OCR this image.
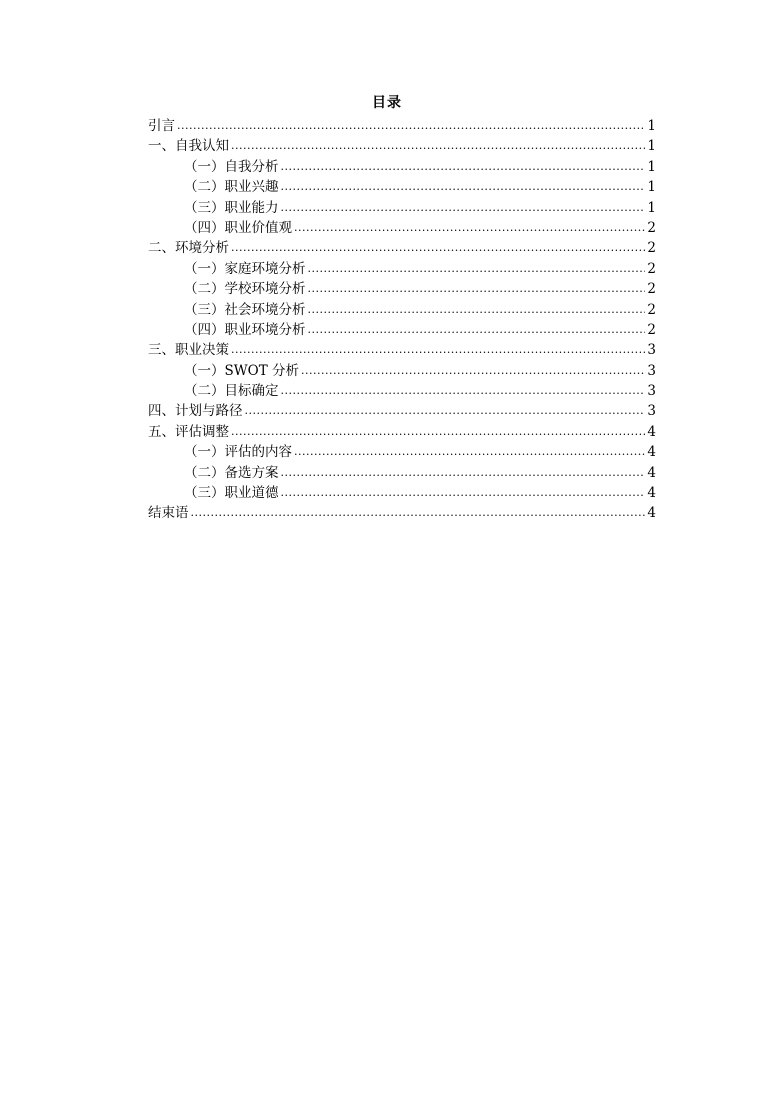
目录
引言 .....	1
一、自我认知 .....	1
（一）自我分析 .....	1
（二）职业兴趣 .....	1
（三）职业能力 .....	1
（四）职业价值观 .....	2
二、环境分析 .....	2
（一）家庭环境分析 .....	2
（二）学校环境分析 .....	2
（三）社会环境分析 .....	2
（四）职业环境分析 .....	2
三、职业决策 .....	3
（一）SWOT 分析 .....	3
（二）目标确定 .....	3
四、计划与路径 .....	3
五、评估调整 .....	4
（一）评估的内容 .....	4
（二）备选方案 .....	4
（三）职业道德 .....	4
结束语 .....	4
